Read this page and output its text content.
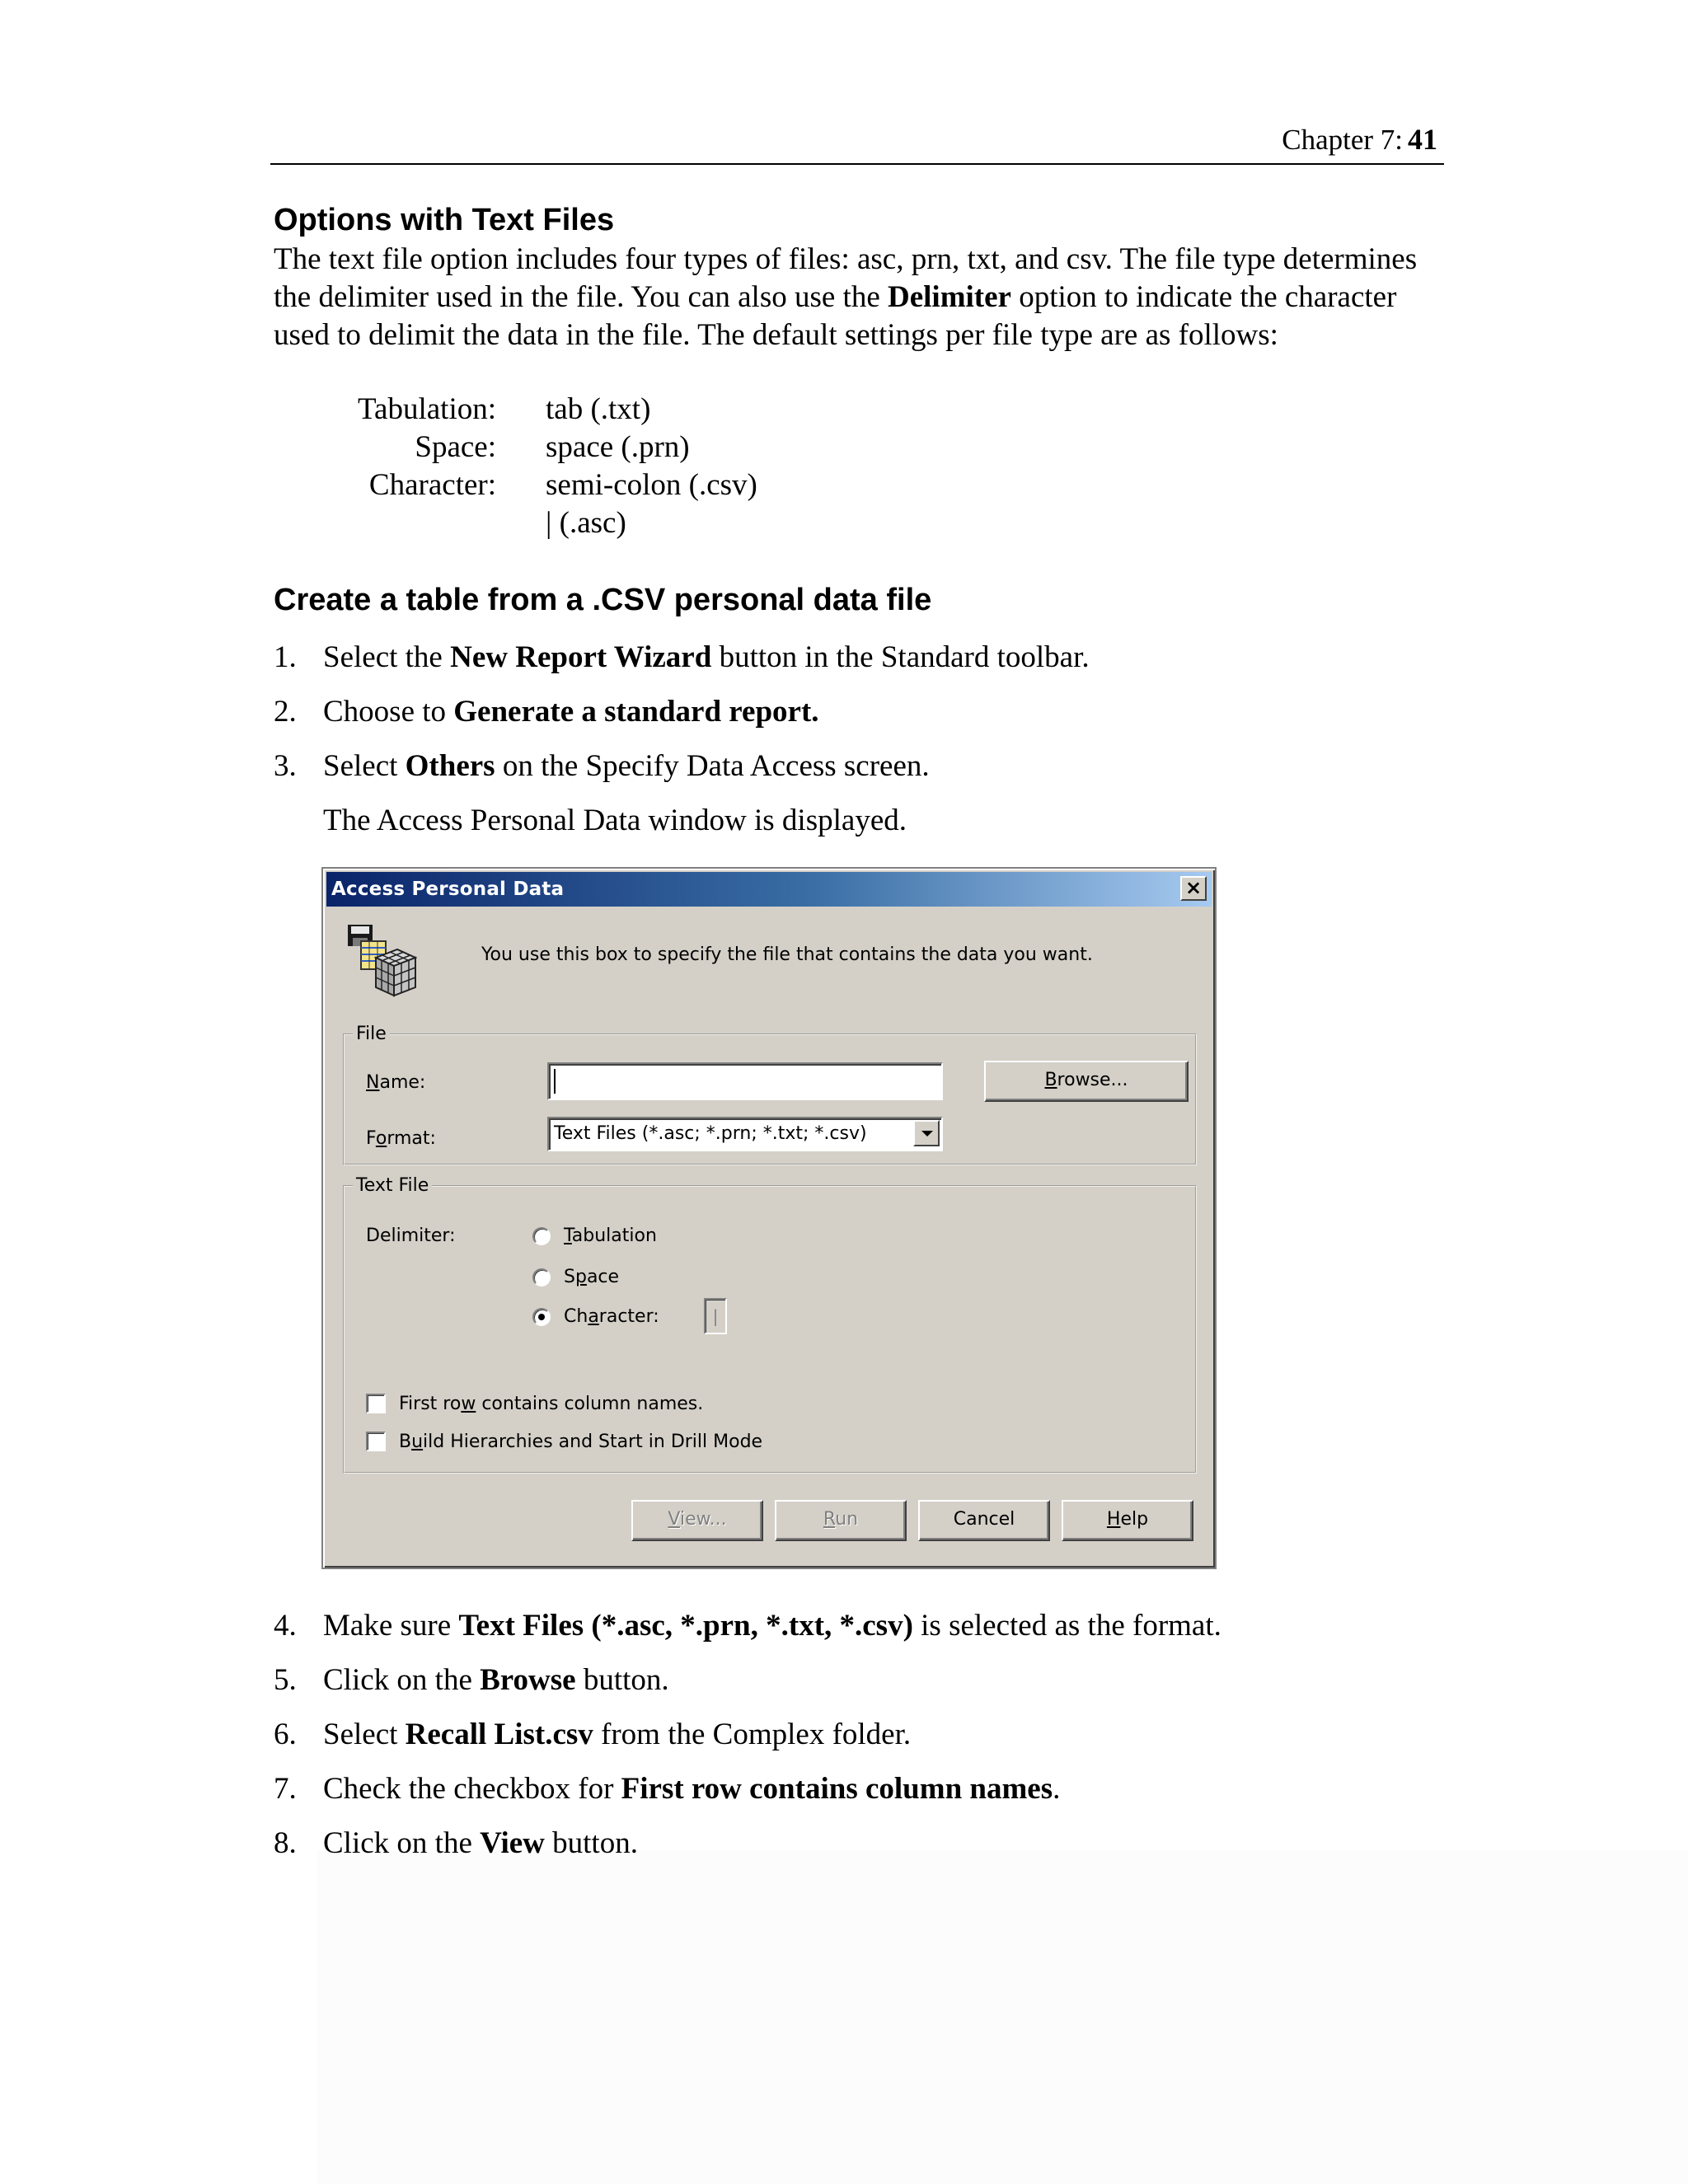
Chapter 7: 41
Options with Text Files

The text file option includes four types of files: asc, prn, txt, and csv. The file type determines the delimiter used in the file. You can also use the Delimiter option to indicate the character used to delimit the data in the file. The default settings per file type are as follows:

Tabulation: tab (.txt)
Space: space (.prn)
Character: semi-colon (.csv)
| (.asc)
Create a table from a .CSV personal data file
1. Select the New Report Wizard button in the Standard toolbar.
2. Choose to Generate a standard report.
3. Select Others on the Specify Data Access screen.
The Access Personal Data window is displayed.
Access Personal Data	×
You use this box to specify the file that contains the data you want.
File
Name:	Browse...
Format:	Text Files (*.asc; *.prn; *.txt; *.csv)
Text File
Delimiter:	Tabulation
Space
Character:	|
First row contains column names.
Build Hierarchies and Start in Drill Mode
View...	Run	Cancel	Help
4. Make sure Text Files (*.asc, *.prn, *.txt, *.csv) is selected as the format.
5. Click on the Browse button.
6. Select Recall List.csv from the Complex folder.
7. Check the checkbox for First row contains column names.
8. Click on the View button.
